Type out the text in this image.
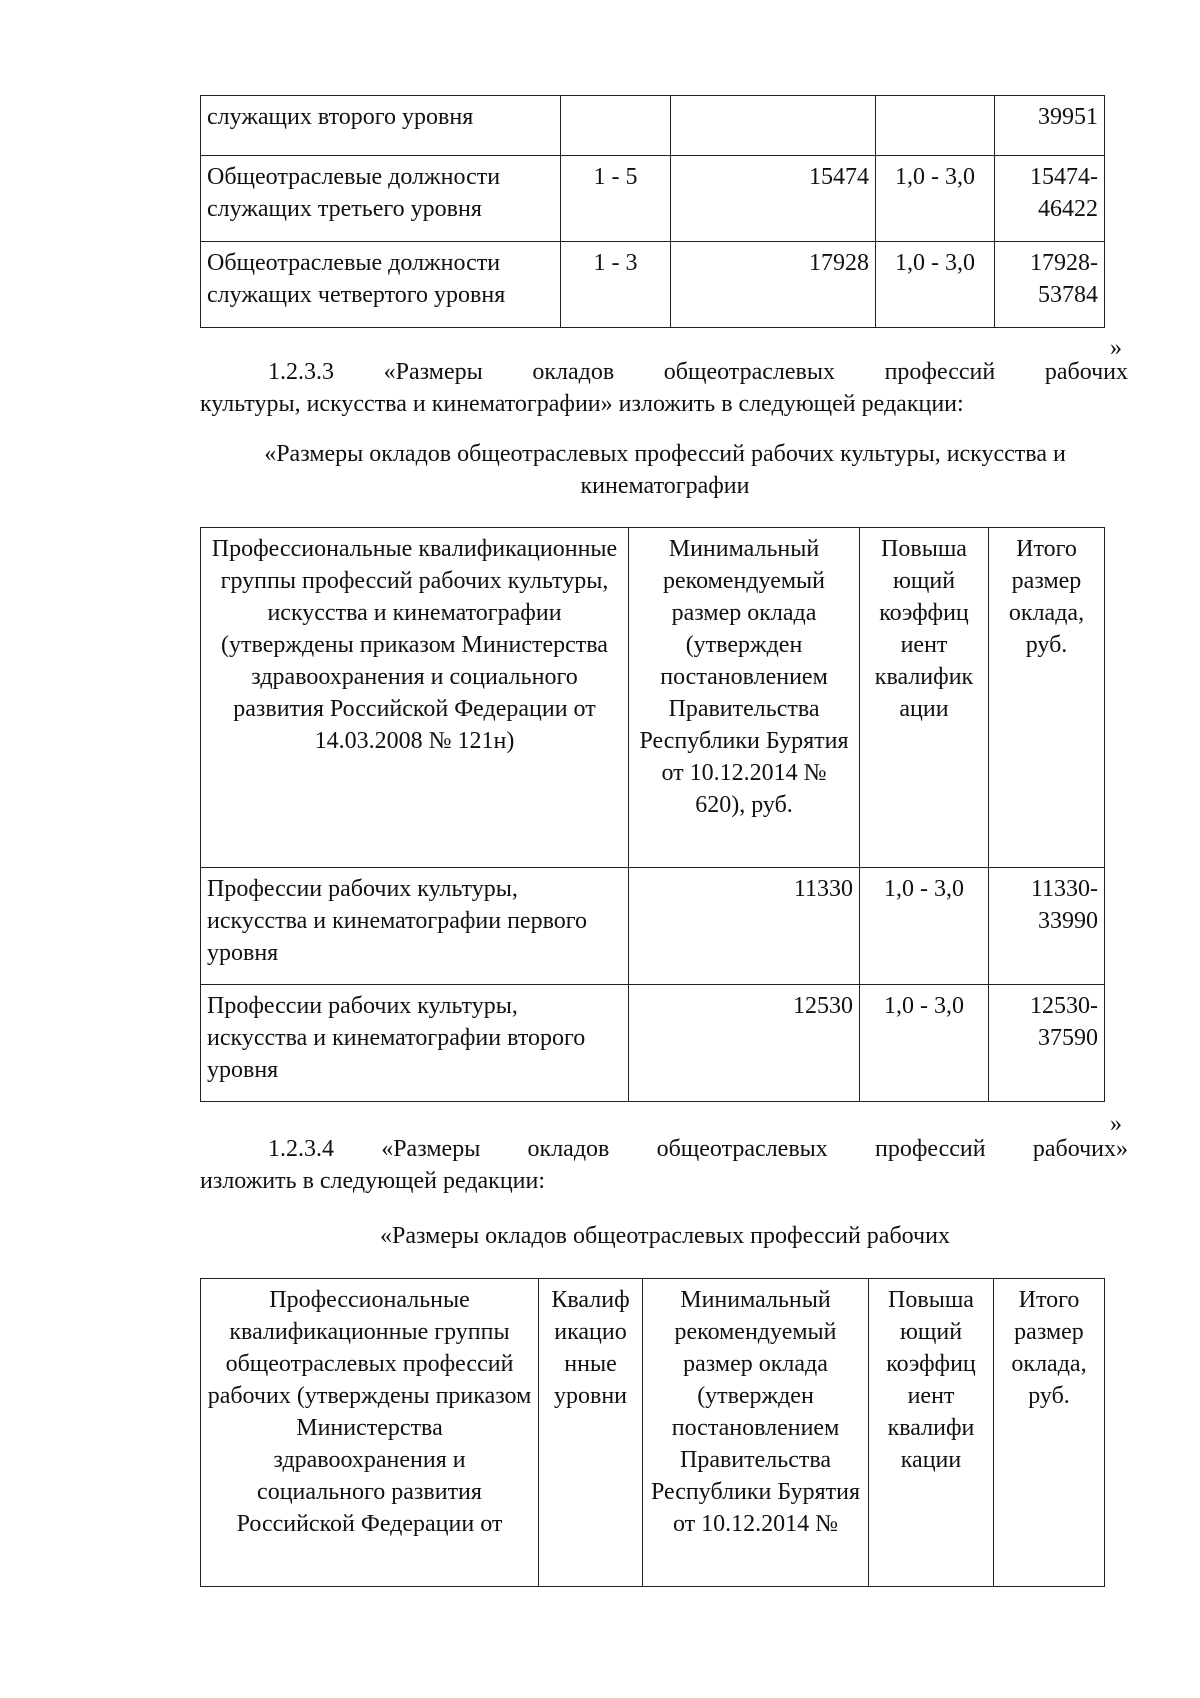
служащих второго уровня				39951
Общеотраслевые должности служащих третьего уровня	1 - 5	15474	1,0 - 3,0	15474-46422
Общеотраслевые должности служащих четвертого уровня	1 - 3	17928	1,0 - 3,0	17928-53784
»
1.2.3.3 «Размеры окладов общеотраслевых профессий рабочих
культуры, искусства и кинематографии» изложить в следующей редакции:
«Размеры окладов общеотраслевых профессий рабочих культуры, искусства и кинематографии
Профессиональные квалификационные группы профессий рабочих культуры, искусства и кинематографии (утверждены приказом Министерства здравоохранения и социального развития Российской Федерации от 14.03.2008 № 121н)	Минимальный рекомендуемый размер оклада (утвержден постановлением Правительства Республики Бурятия от 10.12.2014 № 620), руб.	Повыша ющий коэффиц иент квалифик ации	Итого размер оклада, руб.
Профессии рабочих культуры, искусства и кинематографии первого уровня	11330	1,0 - 3,0	11330-33990
Профессии рабочих культуры, искусства и кинематографии второго уровня	12530	1,0 - 3,0	12530-37590
»
1.2.3.4 «Размеры окладов общеотраслевых профессий рабочих»
изложить в следующей редакции:
«Размеры окладов общеотраслевых профессий рабочих
Профессиональные квалификационные группы общеотраслевых профессий рабочих (утверждены приказом Министерства здравоохранения и социального развития Российской Федерации от	Квалиф икацио нные уровни	Минимальный рекомендуемый размер оклада (утвержден постановлением Правительства Республики Бурятия от 10.12.2014 №	Повыша ющий коэффиц иент квалифи кации	Итого размер оклада, руб.
